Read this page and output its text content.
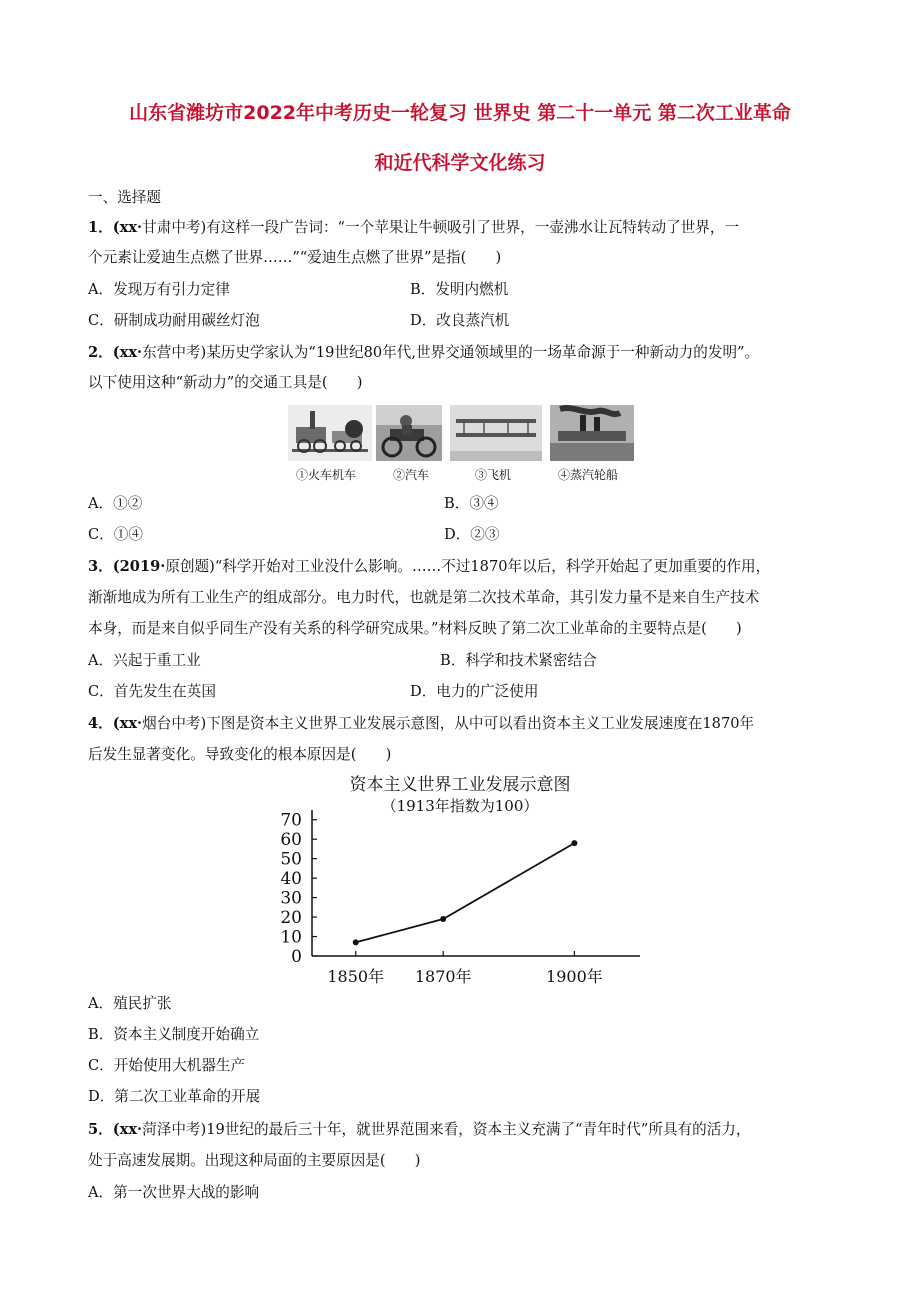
山东省潍坊市2022年中考历史一轮复习 世界史 第二十一单元 第二次工业革命
和近代科学文化练习
一、选择题
1．(xx·甘肃中考)有这样一段广告词：“一个苹果让牛顿吸引了世界，一壶沸水让瓦特转动了世界，一
个元素让爱迪生点燃了世界……”“爱迪生点燃了世界”是指(　　)
A．发现万有引力定律	B．发明内燃机
C．研制成功耐用碳丝灯泡	D．改良蒸汽机
2．(xx·东营中考)某历史学家认为“19世纪80年代,世界交通领域里的一场革命源于一种新动力的发明”。
以下使用这种“新动力”的交通工具是(　　)
①火车机车	②汽车	③飞机	④蒸汽轮船
A．①②	B．③④
C．①④	D．②③
3．(2019·原创题)“科学开始对工业没什么影响。……不过1870年以后，科学开始起了更加重要的作用，
渐渐地成为所有工业生产的组成部分。电力时代，也就是第二次技术革命，其引发力量不是来自生产技术
本身，而是来自似乎同生产没有关系的科学研究成果。”材料反映了第二次工业革命的主要特点是(　　)
A．兴起于重工业	B．科学和技术紧密结合
C．首先发生在英国	D．电力的广泛使用
4．(xx·烟台中考)下图是资本主义世界工业发展示意图，从中可以看出资本主义工业发展速度在1870年
后发生显著变化。导致变化的根本原因是(　　)
资本主义世界工业发展示意图
（1913年指数为100）
0
10
20
30
40
50
60
70
1850年 1870年	1900年
A．殖民扩张
B．资本主义制度开始确立
C．开始使用大机器生产
D．第二次工业革命的开展
5．(xx·菏泽中考)19世纪的最后三十年，就世界范围来看，资本主义充满了“青年时代”所具有的活力，
处于高速发展期。出现这种局面的主要原因是(　　)
A．第一次世界大战的影响
